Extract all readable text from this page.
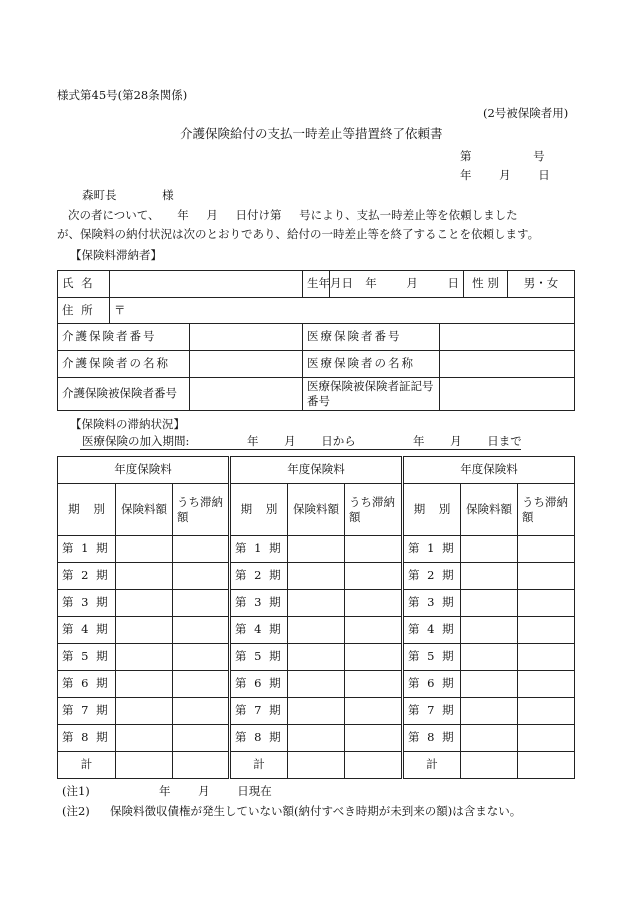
様式第45号(第28条関係)
(2号被保険者用)
介護保険給付の支払一時差止等措置終了依頼書
第 号
年 月 日
森町長 様
次の者について、 年 月 日付け第 号により、支払一時差止等を依頼しました
が、保険料の納付状況は次のとおりであり、給付の一時差止等を終了することを依頼します。
【保険料滞納者】
氏 名			生年月日	年 月 日		性 別	男・女
住 所	〒						
介護保険者番号			医療保険者番号				
介護保険者の名称			医療保険者の名称				
介護保険被保険者番号			医療保険被保険者証記号番号				
【保険料の滞納状況】
医療保険の加入期間:	年 月 日から	年 月 日まで
年度保険料			年度保険料			年度保険料		
期 別	保険料額	うち滞納額	期 別	保険料額	うち滞納額	期 別	保険料額	うち滞納額
第 1 期			第 1 期			第 1 期		
第 2 期			第 2 期			第 2 期		
第 3 期			第 3 期			第 3 期		
第 4 期			第 4 期			第 4 期		
第 5 期			第 5 期			第 5 期		
第 6 期			第 6 期			第 6 期		
第 7 期			第 7 期			第 7 期		
第 8 期			第 8 期			第 8 期		
計			計			計		
(注1)	年 月 日現在
(注2) 保険料徴収債権が発生していない額(納付すべき時期が未到来の額)は含まない。
